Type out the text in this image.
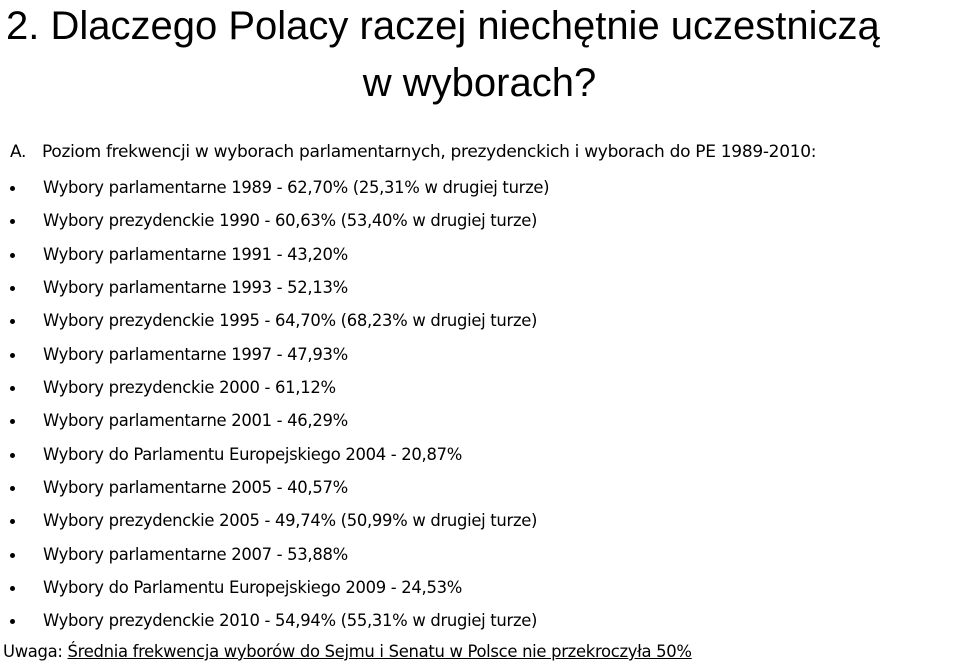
2. Dlaczego Polacy raczej niechętnie uczestniczą
w wyborach?
A. Poziom frekwencji w wyborach parlamentarnych, prezydenckich i wyborach do PE 1989-2010:
Wybory parlamentarne 1989 - 62,70% (25,31% w drugiej turze)
Wybory prezydenckie 1990 - 60,63% (53,40% w drugiej turze)
Wybory parlamentarne 1991 - 43,20%
Wybory parlamentarne 1993 - 52,13%
Wybory prezydenckie 1995 - 64,70% (68,23% w drugiej turze)
Wybory parlamentarne 1997 - 47,93%
Wybory prezydenckie 2000 - 61,12%
Wybory parlamentarne 2001 - 46,29%
Wybory do Parlamentu Europejskiego 2004 - 20,87%
Wybory parlamentarne 2005 - 40,57%
Wybory prezydenckie 2005 - 49,74% (50,99% w drugiej turze)
Wybory parlamentarne 2007 - 53,88%
Wybory do Parlamentu Europejskiego 2009 - 24,53%
Wybory prezydenckie 2010 - 54,94% (55,31% w drugiej turze)
Uwaga: Średnia frekwencja wyborów do Sejmu i Senatu w Polsce nie przekroczyła 50%
